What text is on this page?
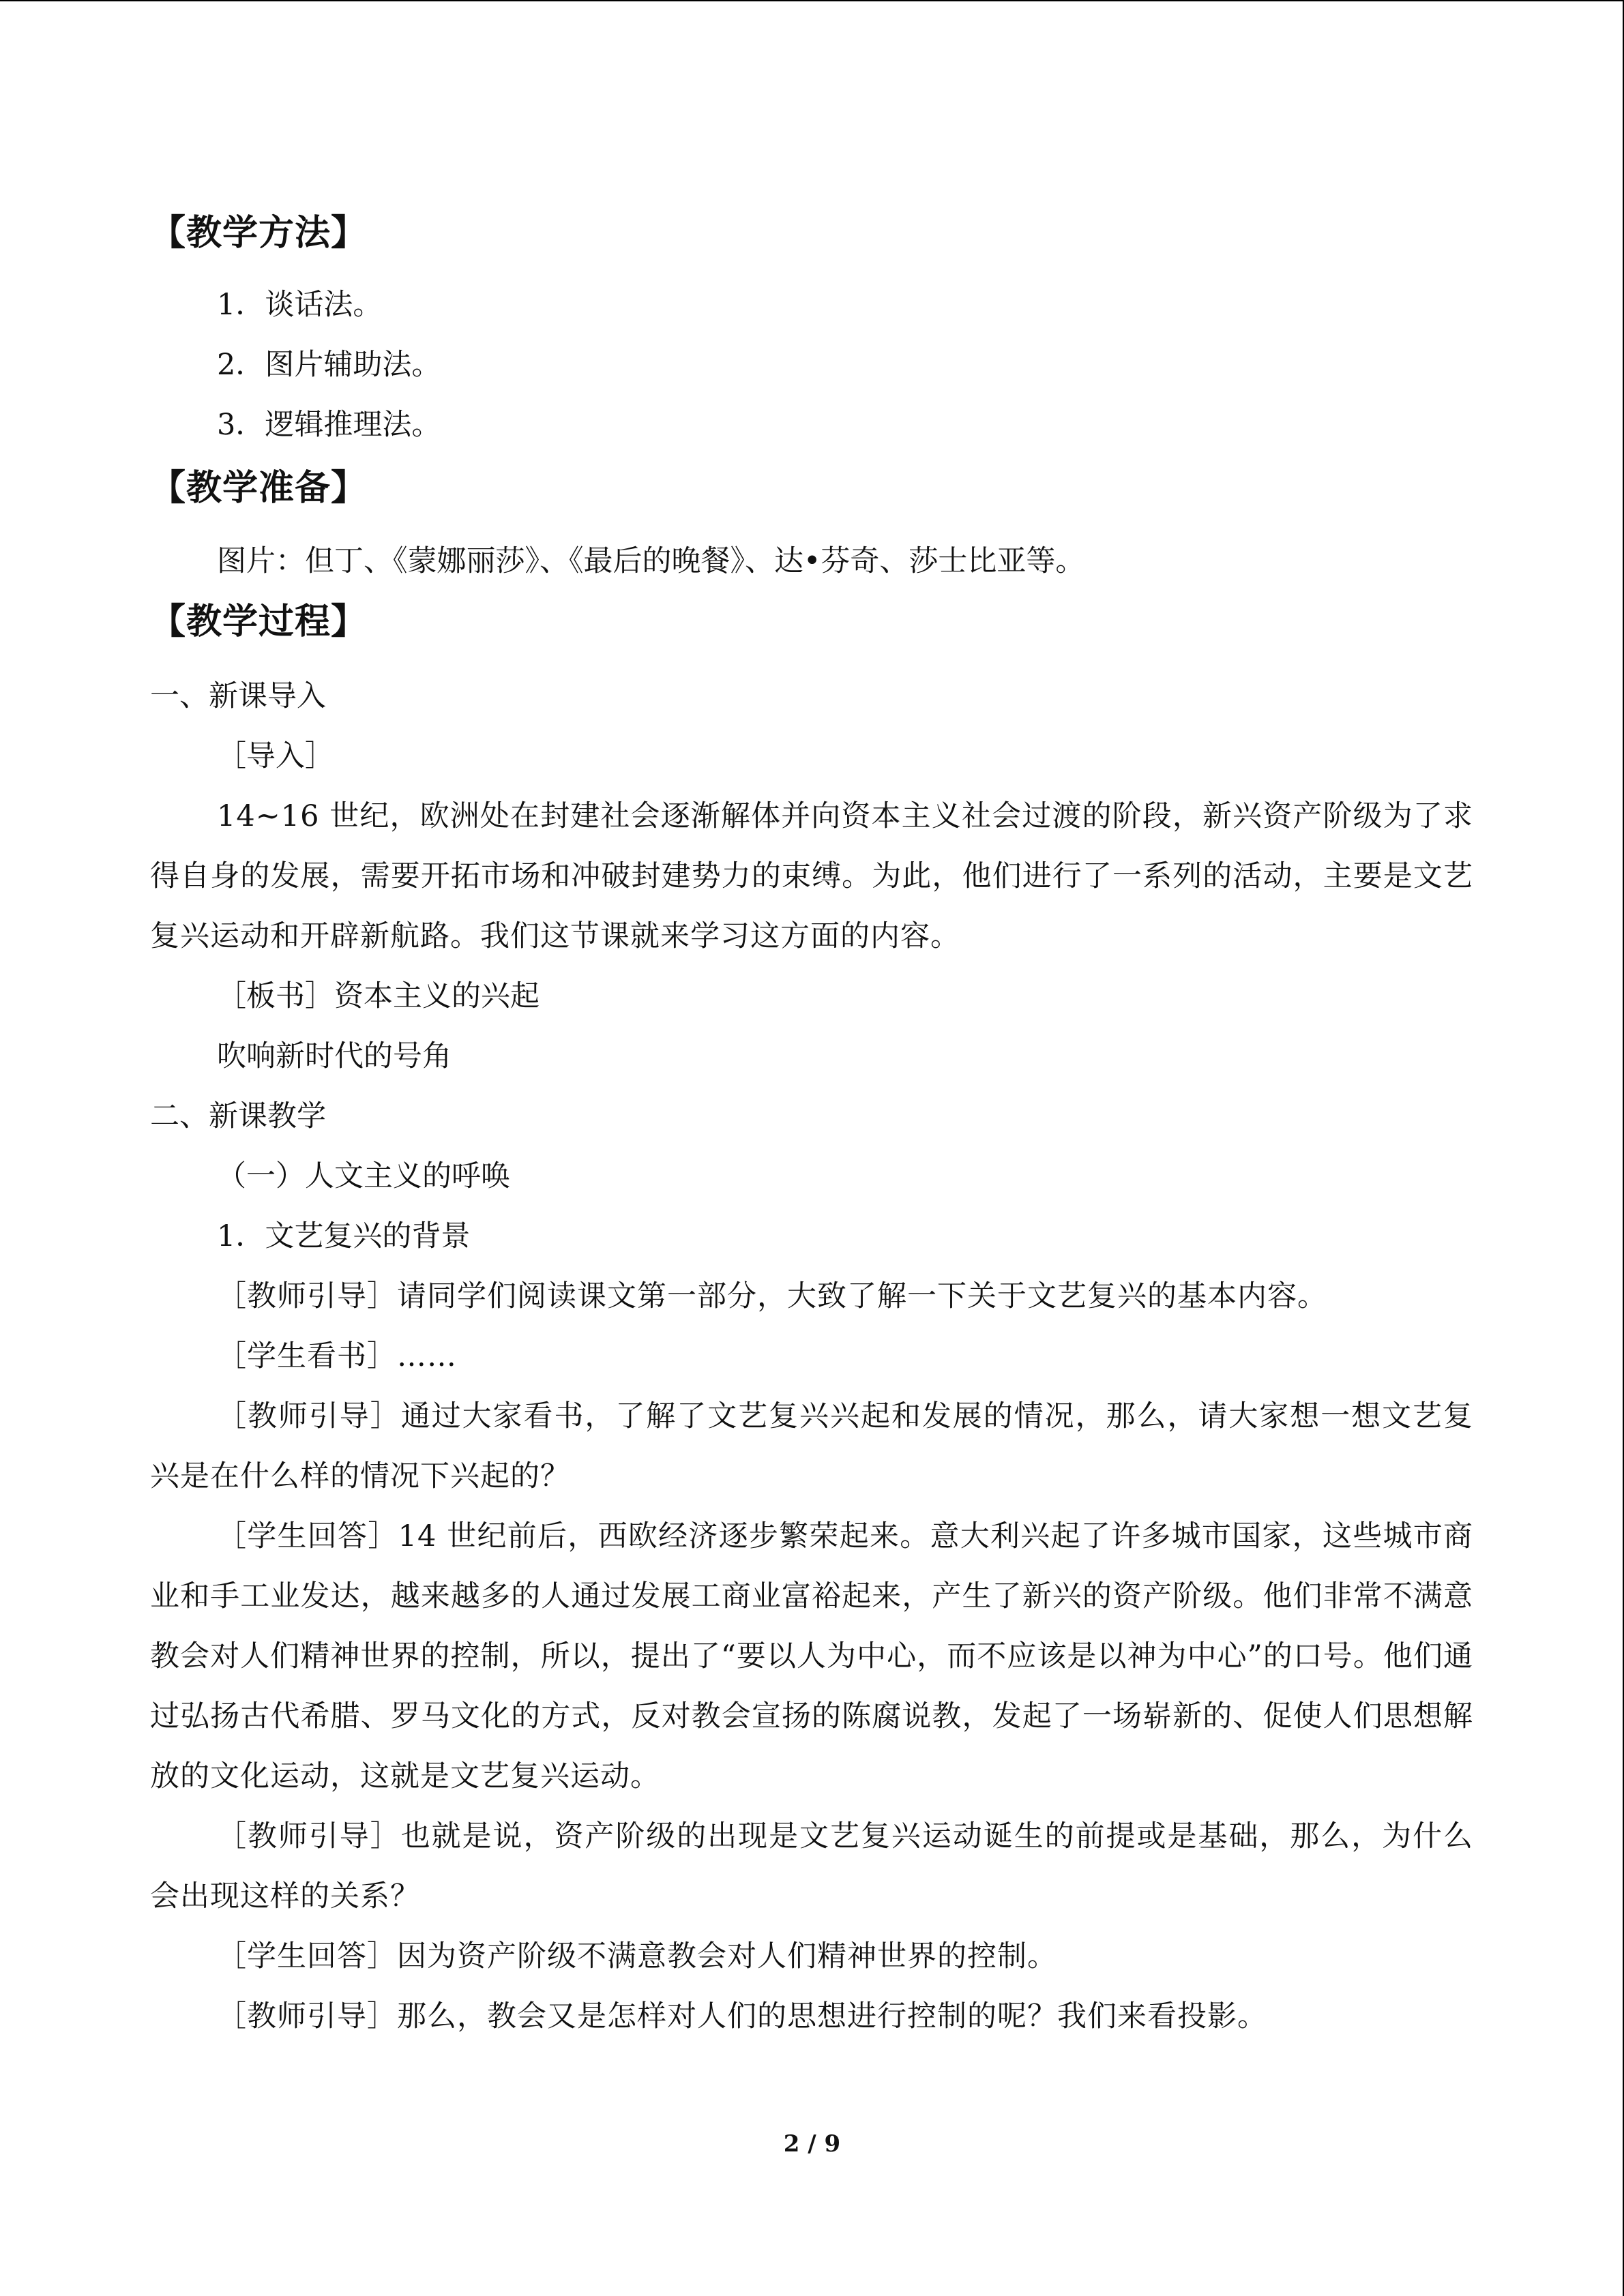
【教学方法】

1．谈话法。

2．图片辅助法。

3．逻辑推理法。

【教学准备】

图片：但丁、《蒙娜丽莎》、《最后的晚餐》、达•芬奇、莎士比亚等。

【教学过程】

一、新课导入

［导入］

14~16 世纪，欧洲处在封建社会逐渐解体并向资本主义社会过渡的阶段，新兴资产阶级为了求得自身的发展，需要开拓市场和冲破封建势力的束缚。为此，他们进行了一系列的活动，主要是文艺复兴运动和开辟新航路。我们这节课就来学习这方面的内容。

［板书］资本主义的兴起

吹响新时代的号角

二、新课教学

（一）人文主义的呼唤

1．文艺复兴的背景

［教师引导］请同学们阅读课文第一部分，大致了解一下关于文艺复兴的基本内容。

［学生看书］……

［教师引导］通过大家看书，了解了文艺复兴兴起和发展的情况，那么，请大家想一想文艺复兴是在什么样的情况下兴起的？

［学生回答］14 世纪前后，西欧经济逐步繁荣起来。意大利兴起了许多城市国家，这些城市商业和手工业发达，越来越多的人通过发展工商业富裕起来，产生了新兴的资产阶级。他们非常不满意教会对人们精神世界的控制，所以，提出了“要以人为中心，而不应该是以神为中心”的口号。他们通过弘扬古代希腊、罗马文化的方式，反对教会宣扬的陈腐说教，发起了一场崭新的、促使人们思想解放的文化运动，这就是文艺复兴运动。

［教师引导］也就是说，资产阶级的出现是文艺复兴运动诞生的前提或是基础，那么，为什么会出现这样的关系？

［学生回答］因为资产阶级不满意教会对人们精神世界的控制。

［教师引导］那么，教会又是怎样对人们的思想进行控制的呢？我们来看投影。

2 / 9
